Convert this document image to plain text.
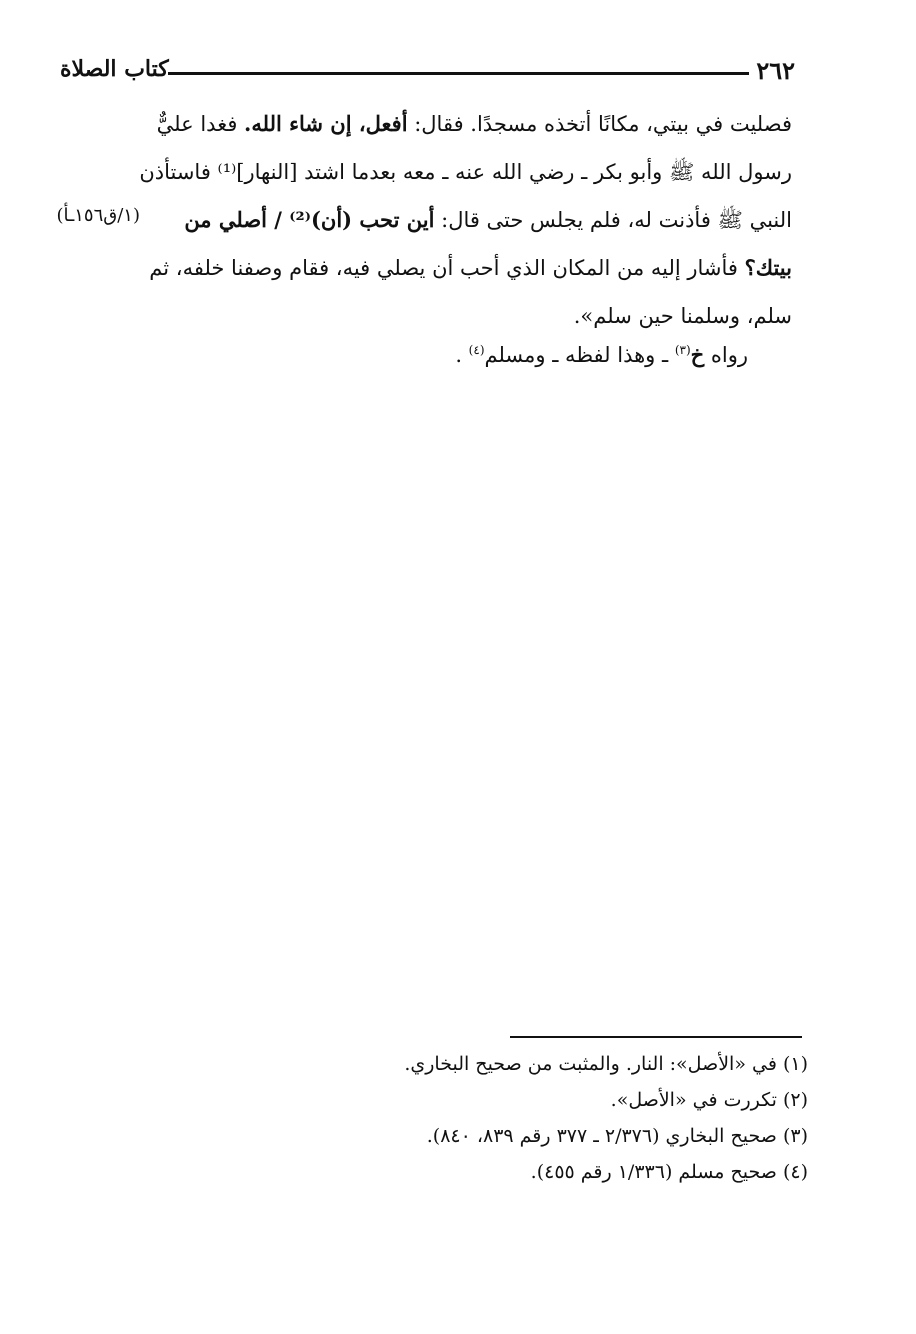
٢٦٢
كتاب الصلاة
فصليت في بيتي، مكانًا أتخذه مسجدًا. فقال: أفعل، إن شاء الله. فغدا عليٌّ
رسول الله ﷺ وأبو بكر ـ رضي الله عنه ـ معه بعدما اشتد [النهار]⁽¹⁾ فاستأذن
النبي ﷺ فأذنت له، فلم يجلس حتى قال: أين تحب (أن)⁽²⁾ / أصلي من
بيتك؟ فأشار إليه من المكان الذي أحب أن يصلي فيه، فقام وصفنا خلفه، ثم
سلم، وسلمنا حين سلم».
(١/ق١٥٦ـأ)
رواه خ$^{(٣)}$ ـ وهذا لفظه ـ ومسلم$^{(٤)}$ .
(١) في «الأصل»: النار. والمثبت من صحيح البخاري.
(٢) تكررت في «الأصل».
(٣) صحيح البخاري (٢/٣٧٦ ـ ٣٧٧ رقم ٨٣٩، ٨٤٠).
(٤) صحيح مسلم (١/٣٣٦ رقم ٤٥٥).
